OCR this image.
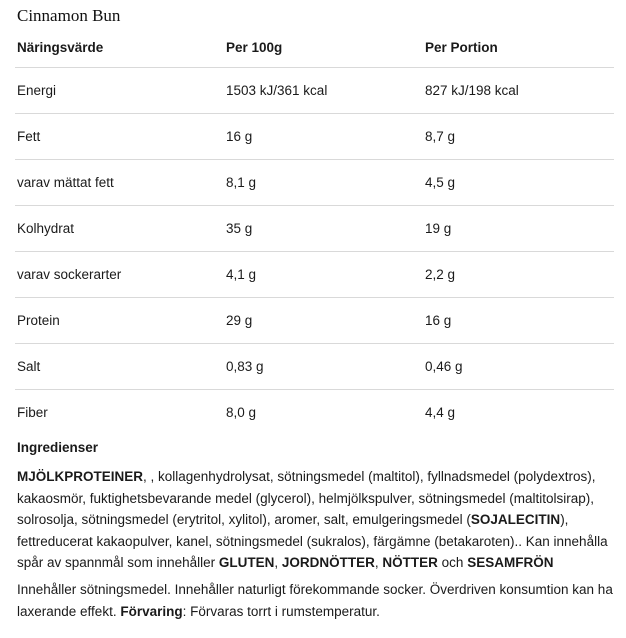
Cinnamon Bun
Näringsvärde	Per 100g	Per Portion
Energi	1503 kJ/361 kcal	827 kJ/198 kcal
Fett	16 g	8,7 g
varav mättat fett	8,1 g	4,5 g
Kolhydrat	35 g	19 g
varav sockerarter	4,1 g	2,2 g
Protein	29 g	16 g
Salt	0,83 g	0,46 g
Fiber	8,0 g	4,4 g
Ingredienser
MJÖLKPROTEINER, , kollagenhydrolysat, sötningsmedel (maltitol), fyllnadsmedel (polydextros), kakaosmör, fuktighetsbevarande medel (glycerol), helmjölkspulver, sötningsmedel (maltitolsirap), solrosolja, sötningsmedel (erytritol, xylitol), aromer, salt, emulgeringsmedel (SOJALECITIN), fettreducerat kakaopulver, kanel, sötningsmedel (sukralos), färgämne (betakaroten).. Kan innehålla spår av spannmål som innehåller GLUTEN, JORDNÖTTER, NÖTTER och SESAMFRÖN
Innehåller sötningsmedel. Innehåller naturligt förekommande socker. Överdriven konsumtion kan ha laxerande effekt. Förvaring: Förvaras torrt i rumstemperatur.
